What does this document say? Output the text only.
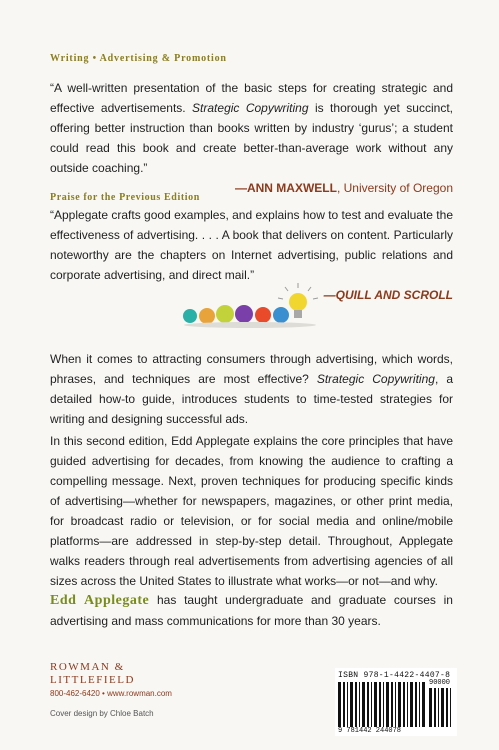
Writing • Advertising & Promotion

“A well-written presentation of the basic steps for creating strategic and effective advertisements. Strategic Copywriting is thorough yet succinct, offering better instruction than books written by industry ‘gurus’; a student could read this book and create better-than-average work without any outside coaching.”
—ANN MAXWELL, University of Oregon

Praise for the Previous Edition

“Applegate crafts good examples, and explains how to test and evaluate the effectiveness of advertising. . . . A book that delivers on content. Particularly noteworthy are the chapters on Internet advertising, public relations and corporate advertising, and direct mail.”
—QUILL AND SCROLL

When it comes to attracting consumers through advertising, which words, phrases, and techniques are most effective? Strategic Copywriting, a detailed how-to guide, introduces students to time-tested strategies for writing and designing successful ads.

In this second edition, Edd Applegate explains the core principles that have guided advertising for decades, from knowing the audience to crafting a compelling message. Next, proven techniques for producing specific kinds of advertising—whether for newspapers, magazines, or other print media, for broadcast radio or television, or for social media and online/mobile platforms—are addressed in step-by-step detail. Throughout, Applegate walks readers through real advertisements from advertising agencies of all sizes across the United States to illustrate what works—or not—and why.

Edd Applegate has taught undergraduate and graduate courses in advertising and mass communications for more than 30 years.

ROWMAN &
LITTLEFIELD
800-462-6420 • www.rowman.com
Cover design by Chloe Batch
ISBN 978-1-4422-4407-8
90000
9 781442 244078
